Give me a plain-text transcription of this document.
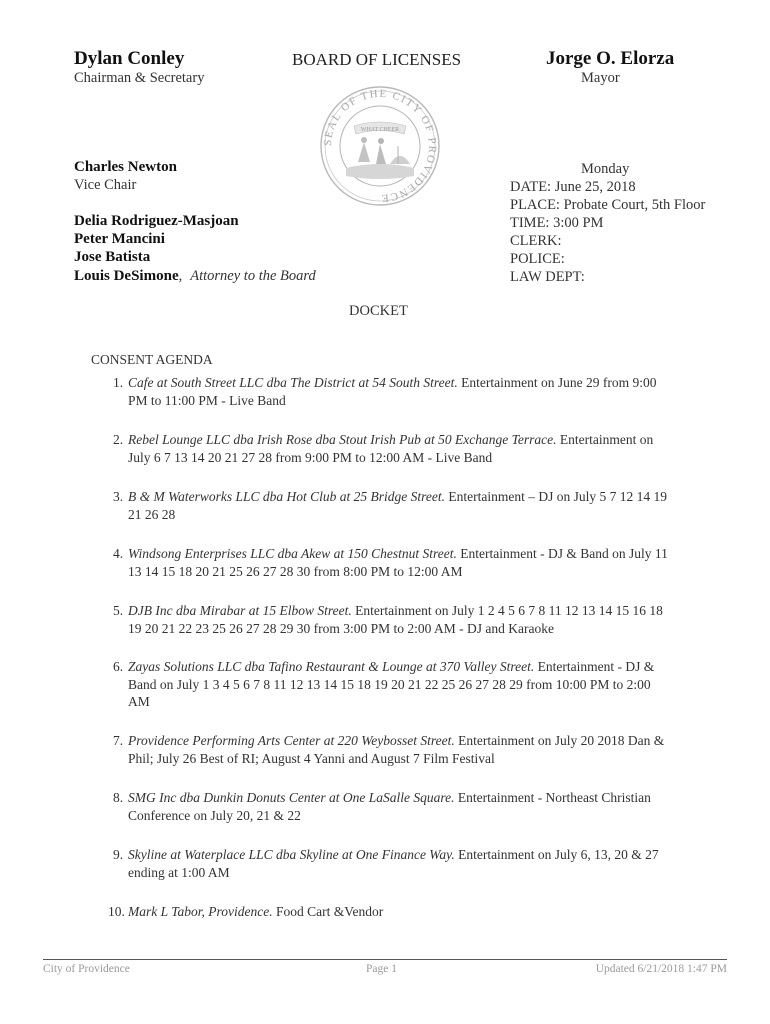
Dylan Conley
Chairman & Secretary
BOARD OF LICENSES	Jorge O. Elorza
Mayor
SEAL OF THE CITY OF PROVIDENCE
WHAT CHEER
Charles Newton
Vice Chair
Delia Rodriguez-Masjoan
Peter Mancini
Jose Batista
Louis DeSimone, Attorney to the Board
Monday
DATE: June 25, 2018
PLACE: Probate Court, 5th Floor
TIME: 3:00 PM
CLERK:
POLICE:
LAW DEPT:
DOCKET
CONSENT AGENDA
1. Cafe at South Street LLC dba The District at 54 South Street. Entertainment on June 29 from 9:00 PM to 11:00 PM - Live Band
2. Rebel Lounge LLC dba Irish Rose dba Stout Irish Pub at 50 Exchange Terrace. Entertainment on July 6 7 13 14 20 21 27 28 from 9:00 PM to 12:00 AM - Live Band
3. B & M Waterworks LLC dba Hot Club at 25 Bridge Street. Entertainment – DJ on July 5 7 12 14 19 21 26 28
4. Windsong Enterprises LLC dba Akew at 150 Chestnut Street. Entertainment - DJ & Band on July 11 13 14 15 18 20 21 25 26 27 28 30 from 8:00 PM to 12:00 AM
5. DJB Inc dba Mirabar at 15 Elbow Street. Entertainment on July 1 2 4 5 6 7 8 11 12 13 14 15 16 18 19 20 21 22 23 25 26 27 28 29 30 from 3:00 PM to 2:00 AM - DJ and Karaoke
6. Zayas Solutions LLC dba Tafino Restaurant & Lounge at 370 Valley Street. Entertainment - DJ & Band on July 1 3 4 5 6 7 8 11 12 13 14 15 18 19 20 21 22 25 26 27 28 29 from 10:00 PM to 2:00 AM
7. Providence Performing Arts Center at 220 Weybosset Street. Entertainment on July 20 2018 Dan & Phil; July 26 Best of RI; August 4 Yanni and August 7 Film Festival
8. SMG Inc dba Dunkin Donuts Center at One LaSalle Square. Entertainment - Northeast Christian Conference on July 20, 21 & 22
9. Skyline at Waterplace LLC dba Skyline at One Finance Way. Entertainment on July 6, 13, 20 & 27 ending at 1:00 AM
10. Mark L Tabor, Providence. Food Cart &Vendor
City of Providence	Page 1	Updated 6/21/2018 1:47 PM
